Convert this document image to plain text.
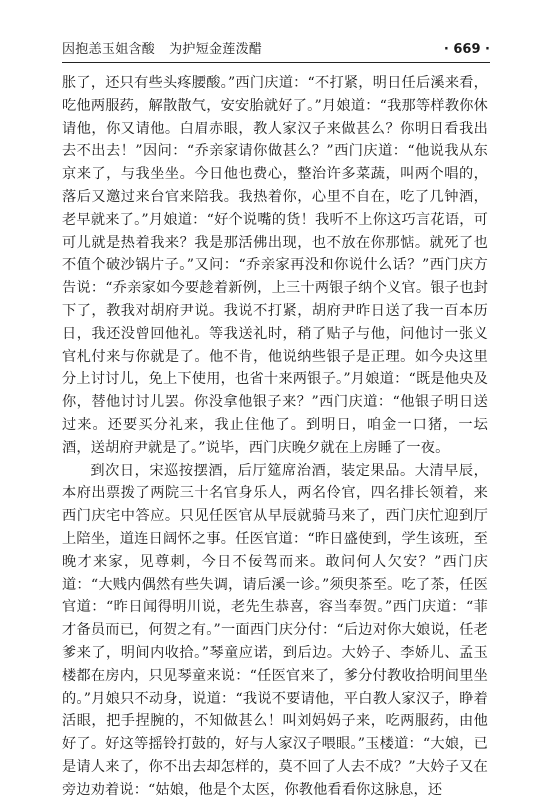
因抱恙玉姐含酸 为护短金莲泼醋	· 669 ·

胀了，还只有些头疼腰酸。”西门庆道：“不打紧，明日任后溪来看，吃他两服药，解散散气，安安胎就好了。”月娘道：“我那等样教你休请他，你又请他。白眉赤眼，教人家汉子来做甚么？你明日看我出去不出去！”因问：“乔亲家请你做甚么？”西门庆道：“他说我从东京来了，与我坐坐。今日他也费心，整治许多菜蔬，叫两个唱的，落后又邀过来台官来陪我。我热着你，心里不自在，吃了几钟酒，老早就来了。”月娘道：“好个说嘴的货！我听不上你这巧言花语，可可儿就是热着我来？我是那活佛出现，也不放在你那惦。就死了也不值个破沙锅片子。”又问：“乔亲家再没和你说什么话？”西门庆方告说：“乔亲家如今要趁着新例，上三十两银子纳个义官。银子也封下了，教我对胡府尹说。我说不打紧，胡府尹昨日送了我一百本历日，我还没曾回他礼。等我送礼时，稍了贴子与他，问他讨一张义官札付来与你就是了。他不肯，他说纳些银子是正理。如今央这里分上讨讨儿，免上下使用，也省十来两银子。”月娘道：“既是他央及你，替他讨讨儿罢。你没拿他银子来？”西门庆道：“他银子明日送过来。还要买分礼来，我止住他了。到明日，咱金一口猪，一坛酒，送胡府尹就是了。”说毕，西门庆晚夕就在上房睡了一夜。

到次日，宋巡按摆酒，后厅筵席治酒，装定果品。大清早辰，本府出票拨了两院三十名官身乐人，两名伶官，四名排长领着，来西门庆宅中答应。只见任医官从早辰就骑马来了，西门庆忙迎到厅上陪坐，道连日阔怀之事。任医官道：“昨日盛使到，学生该班，至晚才来家，见尊刺，今日不佞驾而来。敢问何人欠安？”西门庆道：“大贱内偶然有些失调，请后溪一诊。”须臾茶至。吃了茶，任医官道：“昨日闻得明川说，老先生恭喜，容当奉贺。”西门庆道：“菲才备员而已，何贺之有。”一面西门庆分付：“后边对你大娘说，任老爹来了，明间内收拾。”琴童应诺，到后边。大妗子、李娇儿、孟玉楼都在房内，只见琴童来说：“任医官来了，爹分付教收拾明间里坐的。”月娘只不动身，说道：“我说不要请他，平白教人家汉子，睁着活眼，把手捏腕的，不知做甚么！叫刘妈妈子来，吃两服药，由他好了。好这等摇铃打鼓的，好与人家汉子喂眼。”玉楼道：“大娘，已是请人来了，你不出去却怎样的，莫不回了人去不成？”大妗子又在旁边劝着说：“姑娘，他是个太医，你教他看看你这脉息，还
